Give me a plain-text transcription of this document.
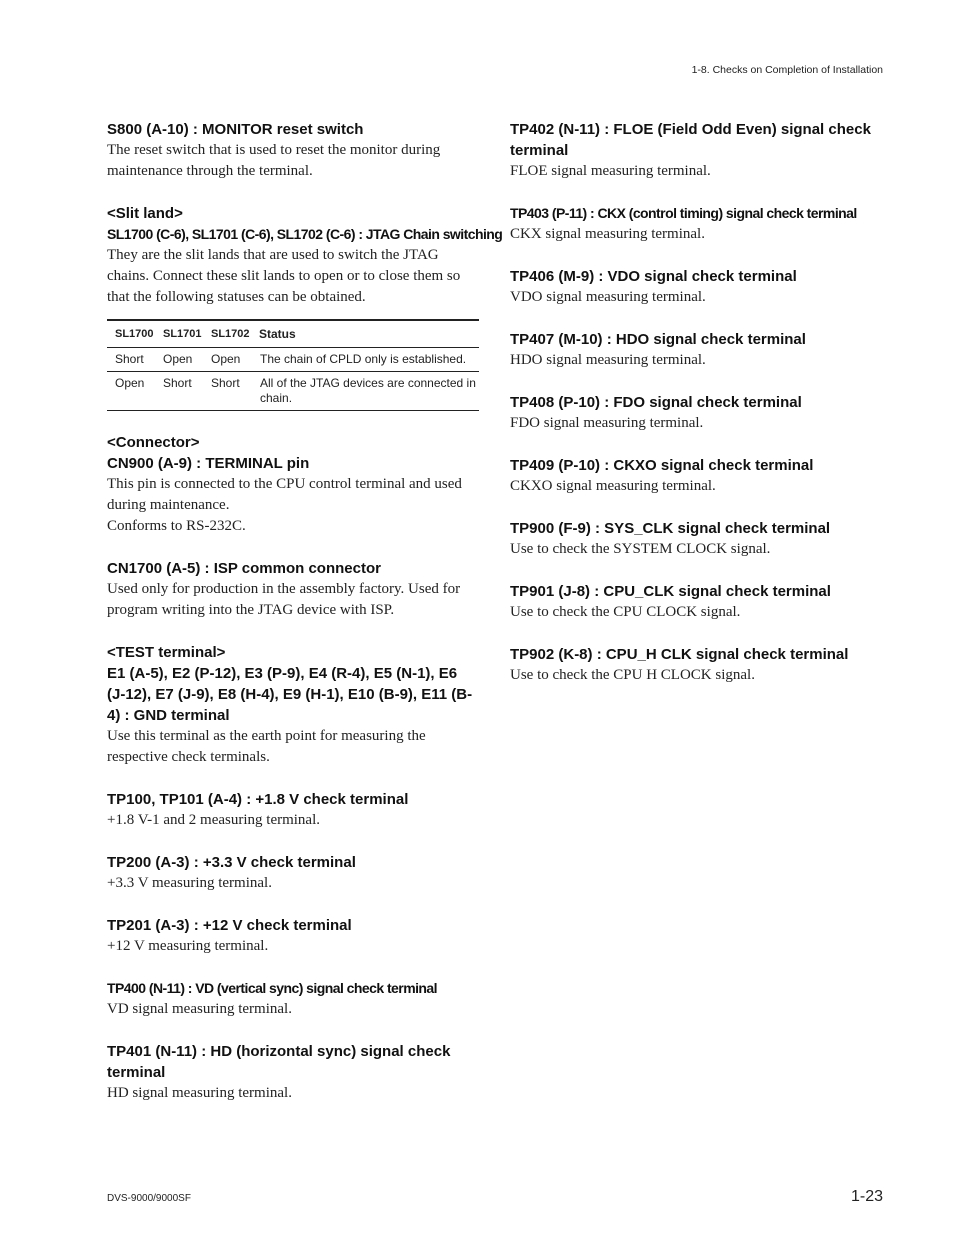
1-8. Checks on Completion of Installation
S800 (A-10) : MONITOR reset switch
The reset switch that is used to reset the monitor during maintenance through the terminal.
<Slit land>
SL1700 (C-6), SL1701 (C-6), SL1702 (C-6) : JTAG Chain switching
They are the slit lands that are used to switch the JTAG chains. Connect these slit lands to open or to close them so that the following statuses can be obtained.
SL1700	SL1701	SL1702	Status
Short	Open	Open	The chain of CPLD only is established.
Open	Short	Short	All of the JTAG devices are connected in chain.
<Connector>
CN900 (A-9) : TERMINAL pin

This pin is connected to the CPU control terminal and used during maintenance.

Conforms to RS-232C.

CN1700 (A-5) : ISP common connector
Used only for production in the assembly factory. Used for program writing into the JTAG device with ISP.
<TEST terminal>
E1 (A-5), E2 (P-12), E3 (P-9), E4 (R-4), E5 (N-1), E6 (J-12), E7 (J-9), E8 (H-4), E9 (H-1), E10 (B-9), E11 (B-4) : GND terminal
Use this terminal as the earth point for measuring the respective check terminals.
TP100, TP101 (A-4) : +1.8 V check terminal
+1.8 V-1 and 2 measuring terminal.
TP200 (A-3) : +3.3 V check terminal
+3.3 V measuring terminal.
TP201 (A-3) : +12 V check terminal
+12 V measuring terminal.
TP400 (N-11) : VD (vertical sync) signal check terminal
VD signal measuring terminal.
TP401 (N-11) : HD (horizontal sync) signal check terminal
HD signal measuring terminal.
TP402 (N-11) : FLOE (Field Odd Even) signal check terminal
FLOE signal measuring terminal.
TP403 (P-11) : CKX (control timing) signal check terminal
CKX signal measuring terminal.
TP406 (M-9) : VDO signal check terminal
VDO signal measuring terminal.
TP407 (M-10) : HDO signal check terminal
HDO signal measuring terminal.
TP408 (P-10) : FDO signal check terminal
FDO signal measuring terminal.
TP409 (P-10) : CKXO signal check terminal
CKXO signal measuring terminal.
TP900 (F-9) : SYS_CLK signal check terminal
Use to check the SYSTEM CLOCK signal.
TP901 (J-8) : CPU_CLK signal check terminal
Use to check the CPU CLOCK signal.
TP902 (K-8) : CPU_H CLK signal check terminal
Use to check the CPU H CLOCK signal.
DVS-9000/9000SF	1-23
